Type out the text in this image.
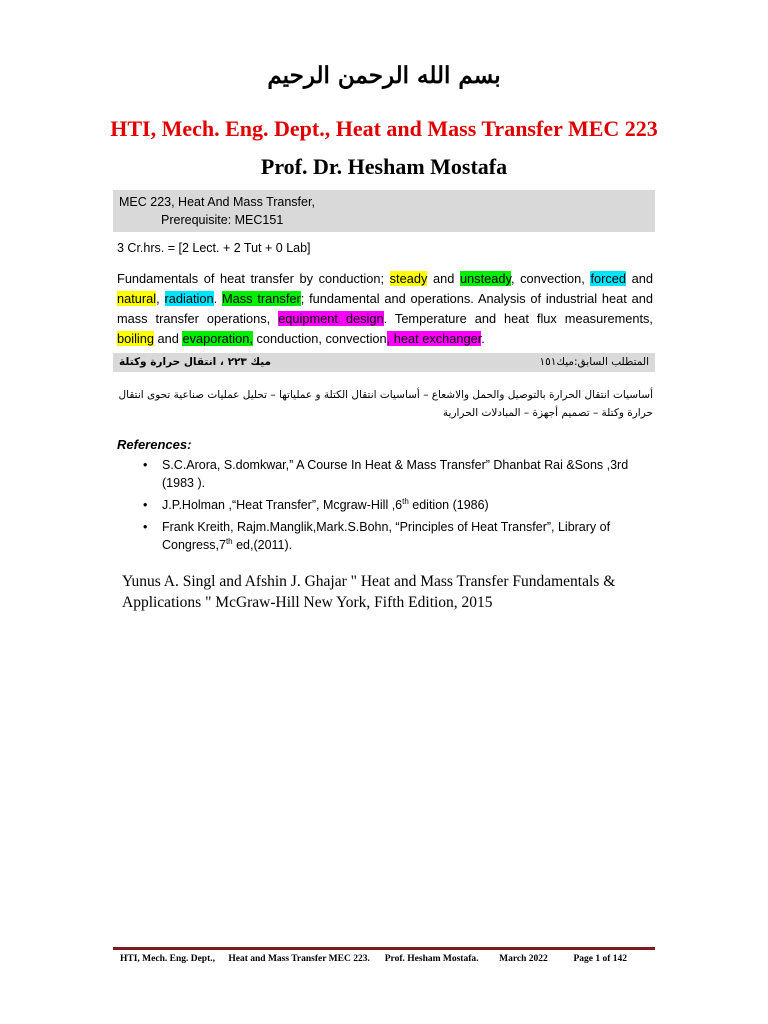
بسم الله الرحمن الرحيم
HTI, Mech. Eng. Dept., Heat and Mass Transfer MEC 223
Prof. Dr. Hesham Mostafa
MEC 223, Heat And Mass Transfer,
Prerequisite: MEC151
3 Cr.hrs. = [2 Lect. + 2 Tut + 0 Lab]
Fundamentals of heat transfer by conduction; steady and unsteady, convection, forced and natural, radiation. Mass transfer; fundamental and operations. Analysis of industrial heat and mass transfer operations, equipment design. Temperature and heat flux measurements, boiling and evaporation, conduction, convection, heat exchanger.
المتطلب السابق:ميك١٥١
ميك ٢٢٣ ، انتقال حرارة وكتلة
أساسيات انتقال الحرارة بالتوصيل والحمل والاشعاع – أساسيات انتقال الكتلة و عملياتها – تحليل عمليات صناعية تحوى انتقال حرارة وكتلة – تصميم أجهزة – المبادلات الحرارية
References:
• S.C.Arora, S.domkwar,” A Course In Heat & Mass Transfer” Dhanbat Rai &Sons ,3rd (1983 ).
• J.P.Holman ,“Heat Transfer”, Mcgraw-Hill ,6th edition (1986)
• Frank Kreith, Rajm.Manglik,Mark.S.Bohn, “Principles of Heat Transfer”, Library of Congress,7th ed,(2011).
Yunus A. Singl and Afshin J. Ghajar " Heat and Mass Transfer Fundamentals & Applications " McGraw-Hill New York, Fifth Edition, 2015
HTI, Mech. Eng. Dept., Heat and Mass Transfer MEC 223. Prof. Hesham Mostafa. March 2022	Page 1 of 142
